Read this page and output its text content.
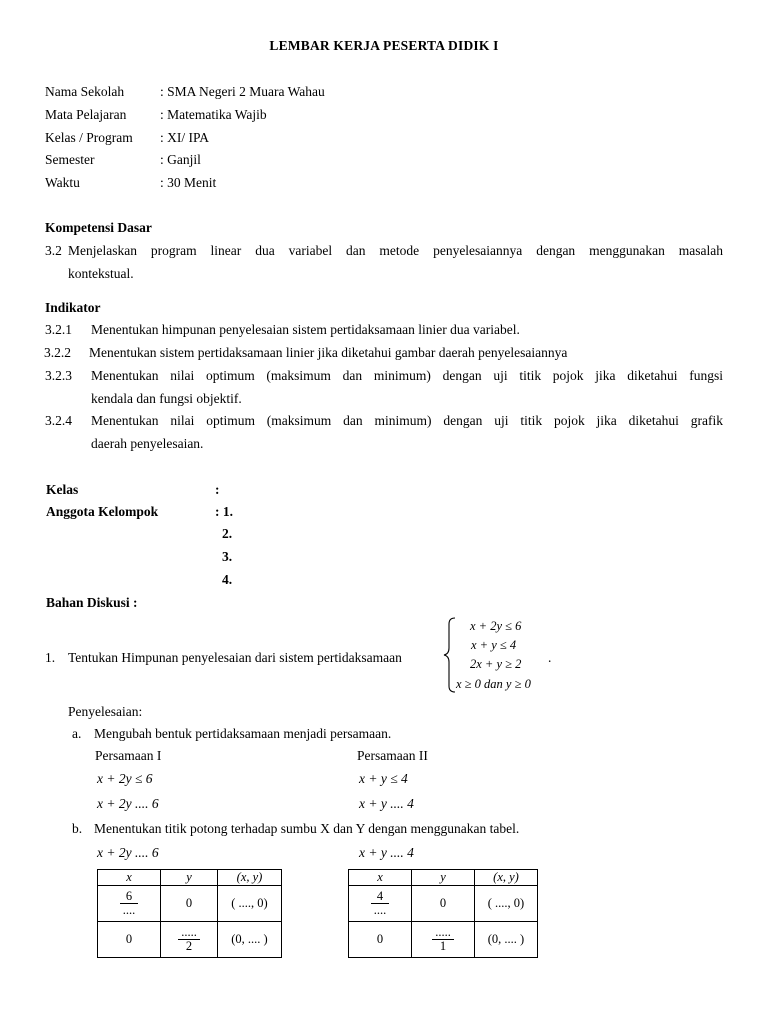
LEMBAR KERJA PESERTA DIDIK I
Nama Sekolah	: SMA Negeri 2 Muara Wahau
Mata Pelajaran : Matematika Wajib
Kelas / Program : XI/ IPA
Semester	: Ganjil
Waktu	: 30 Menit
Kompetensi Dasar
3.2 Menjelaskan program linear dua variabel dan metode penyelesaiannya dengan menggunakan masalah
kontekstual.
Indikator
3.2.1 Menentukan himpunan penyelesaian sistem pertidaksamaan linier dua variabel.
3.2.2 Menentukan sistem pertidaksamaan linier jika diketahui gambar daerah penyelesaiannya
3.2.3 Menentukan nilai optimum (maksimum dan minimum) dengan uji titik pojok jika diketahui fungsi
kendala dan fungsi objektif.
3.2.4 Menentukan nilai optimum (maksimum dan minimum) dengan uji titik pojok jika diketahui grafik
daerah penyelesaian.
Kelas	:
Anggota Kelompok	: 1.
2.
3.
4.
Bahan Diskusi :
1. Tentukan Himpunan penyelesaian dari sistem pertidaksamaan
x + 2y ≤ 6
x + y ≤ 4
2x + y ≥ 2
x ≥ 0 dan y ≥ 0
.
Penyelesaian:
a. Mengubah bentuk pertidaksamaan menjadi persamaan.
Persamaan I	Persamaan II
x + 2y ≤ 6	x + y ≤ 4
x + 2y .... 6	x + y .... 4
b. Menentukan titik potong terhadap sumbu X dan Y dengan menggunakan tabel.
x + 2y .... 6	x + y .... 4
x	y	(x, y)

$\frac{6}{....}$	0	( ...., 0)
0	$\frac{.....}{2}$	(0, .... )
x	y	(x, y)

$\frac{4}{....}$	0	( ...., 0)
0	$\frac{.....}{1}$	(0, .... )
